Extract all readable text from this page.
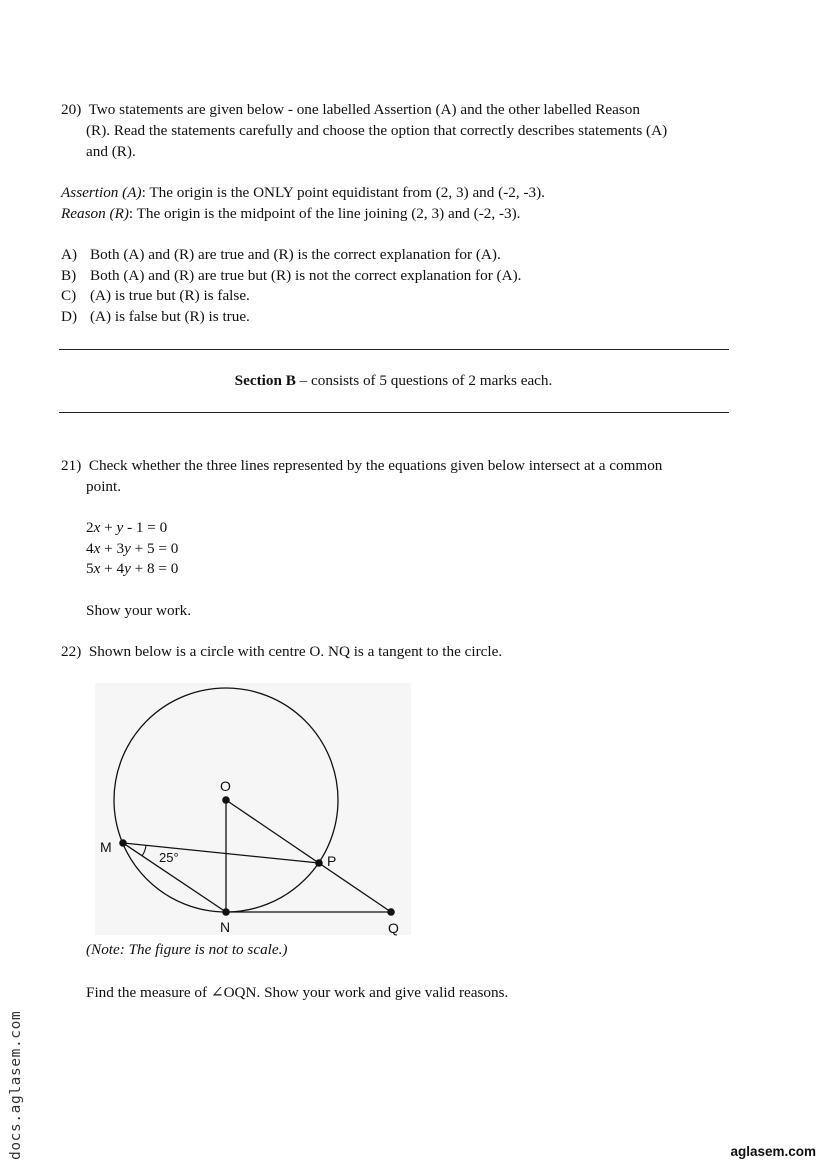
20) Two statements are given below - one labelled Assertion (A) and the other labelled Reason
(R). Read the statements carefully and choose the option that correctly describes statements (A)
and (R).
Assertion (A): The origin is the ONLY point equidistant from (2, 3) and (-2, -3).
Reason (R): The origin is the midpoint of the line joining (2, 3) and (-2, -3).
A) Both (A) and (R) are true and (R) is the correct explanation for (A).
B) Both (A) and (R) are true but (R) is not the correct explanation for (A).
C) (A) is true but (R) is false.
D) (A) is false but (R) is true.
Section B – consists of 5 questions of 2 marks each.
21) Check whether the three lines represented by the equations given below intersect at a common
point.
2x + y - 1 = 0
4x + 3y + 5 = 0
5x + 4y + 8 = 0
Show your work.
22) Shown below is a circle with centre O. NQ is a tangent to the circle.
O
M
P
N	Q
25°
(Note: The figure is not to scale.)
Find the measure of ∠OQN. Show your work and give valid reasons.
docs.aglasem.com	aglasem.com
